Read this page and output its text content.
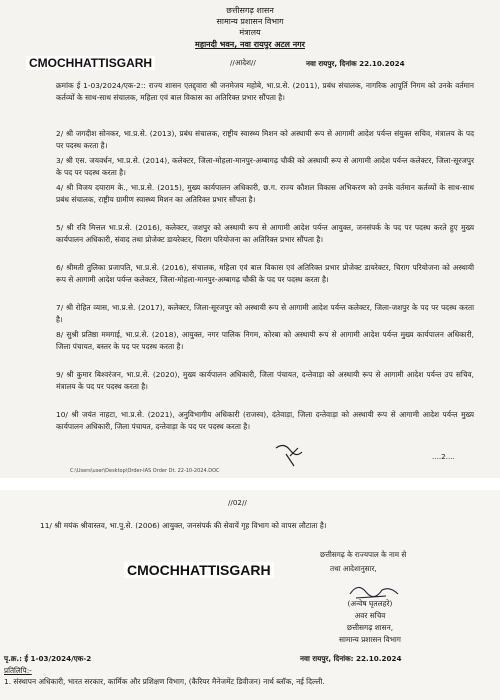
छत्तीसगढ़ शासन
सामान्य प्रशासन विभाग
मंत्रालय
महानदी भवन, नवा रायपुर अटल नगर
CMOCHHATTISGARH	//आदेश//	नवा रायपुर, दिनांक 22.10.2024
क्रमांक ई 1-03/2024/एक-2:: राज्य शासन एतद्द्वारा श्री जनमेजय महोबे, भा.प्र.से. (2011), प्रबंध संचालक, नागरिक आपूर्ति निगम को उनके वर्तमान कर्तव्यों के साथ-साथ संचालक, महिला एवं बाल विकास का अतिरिक्त प्रभार सौंपता है।
2/ श्री जगदीश सोनकर, भा.प्र.से. (2013), प्रबंध संचालक, राष्ट्रीय स्वास्थ्य मिशन को अस्थायी रूप से आगामी आदेश पर्यन्त संयुक्त सचिव, मंत्रालय के पद पर पदस्थ करता है।
3/ श्री एस. जयवर्धन, भा.प्र.से. (2014), कलेक्टर, जिला-मोहला-मानपुर-अम्बागढ़ चौकी को अस्थायी रूप से आगामी आदेश पर्यन्त कलेक्टर, जिला-सूरजपुर के पद पर पदस्थ करता है।
4/ श्री विजय दयाराम के., भा.प्र.से. (2015), मुख्य कार्यपालन अधिकारी, छ.ग. राज्य कौशल विकास अभिकरण को उनके वर्तमान कर्तव्यों के साथ-साथ प्रबंध संचालक, राष्ट्रीय ग्रामीण स्वास्थ्य मिशन का अतिरिक्त प्रभार सौंपता है।
5/ श्री रवि मित्तल भा.प्र.से. (2016), कलेक्टर, जशपुर को अस्थायी रूप से आगामी आदेश पर्यन्त आयुक्त, जनसंपर्क के पद पर पदस्थ करते हुए मुख्य कार्यपालन अधिकारी, संवाद तथा प्रोजेक्ट डायरेक्टर, चिराग परियोजना का अतिरिक्त प्रभार सौंपता है।
6/ श्रीमती तुलिका प्रजापति, भा.प्र.से. (2016), संचालक, महिला एवं बाल विकास एवं अतिरिक्त प्रभार प्रोजेक्ट डायरेक्टर, चिराग परियोजना को अस्थायी रूप से आगामी आदेश पर्यन्त कलेक्टर, जिला-मोहला-मानपुर-अम्बागढ़ चौकी के पद पर पदस्थ करता है।
7/ श्री रोहित व्यास, भा.प्र.से. (2017), कलेक्टर, जिला-सूरजपुर को अस्थायी रूप से आगामी आदेश पर्यन्त कलेक्टर, जिला-जशपुर के पद पर पदस्थ करता है।
8/ सुश्री प्रतिष्ठा ममगाई, भा.प्र.से. (2018), आयुक्त, नगर पालिक निगम, कोरबा को अस्थायी रूप से आगामी आदेश पर्यन्त मुख्य कार्यपालन अधिकारी, जिला पंचायत, बस्तर के पद पर पदस्थ करता है।
9/ श्री कुमार बिश्वरंजन, भा.प्र.से. (2020), मुख्य कार्यपालन अधिकारी, जिला पंचायत, दन्तेवाड़ा को अस्थायी रूप से आगामी आदेश पर्यन्त उप सचिव, मंत्रालय के पद पर पदस्थ करता है।
10/ श्री जयंत नाहटा, भा.प्र.से. (2021), अनुविभागीय अधिकारी (राजस्व), दंतेवाड़ा, जिला दन्तेवाड़ा को अस्थायी रूप से आगामी आदेश पर्यन्त मुख्य कार्यपालन अधिकारी, जिला पंचायत, दन्तेवाड़ा के पद पर पदस्थ करता है।
....2....
C:\Users\user\Desktop\Order-IAS Order Dt. 22-10-2024.DOC
//02//
11/ श्री मयंक श्रीवास्तव, भा.पु.से. (2006) आयुक्त, जनसंपर्क की सेवायें गृह विभाग को वापस लौटाता है।
छत्तीसगढ़ के राज्यपाल के नाम से
CMOCHHATTISGARH	तथा आदेशानुसार,
(अन्वेष घृतलहरे)
अवर सचिव
छत्तीसगढ़ शासन,
सामान्य प्रशासन विभाग
पृ.क्र.: ई 1-03/2024/एक-2	नवा रायपुर, दिनांक: 22.10.2024
प्रतिलिपि:-
1. संस्थापन अधिकारी, भारत सरकार, कार्मिक और प्रशिक्षण विभाग, (कैरियर मैनेजमेंट डिवीजन) नार्थ ब्लॉक, नई दिल्ली.
